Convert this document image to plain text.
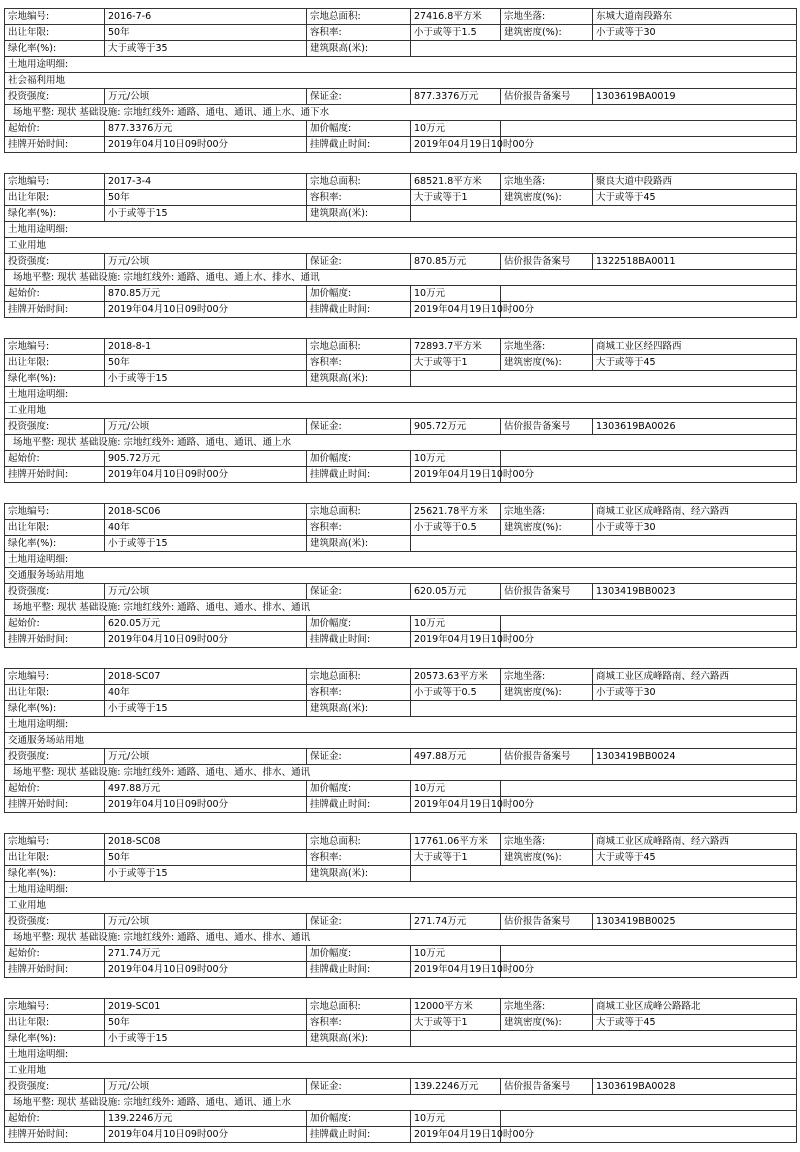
宗地编号:	2016-7-6	宗地总面积:	27416.8平方米	宗地坐落:	东城大道南段路东
出让年限:	50年	容积率:	小于或等于1.5	建筑密度(%):	小于或等于30
绿化率(%):	大于或等于35	建筑限高(米):			
土地用途明细:					
社会福利用地					
投资强度:	万元/公顷	保证金:	877.3376万元	估价报告备案号	1303619BA0019
场地平整: 现状 基础设施: 宗地红线外: 通路、通电、通讯、通上水、通下水					
起始价:	877.3376万元	加价幅度:	10万元		
挂牌开始时间:	2019年04月10日09时00分	挂牌截止时间:	2019年04月19日10时00分		
宗地编号:	2017-3-4	宗地总面积:	68521.8平方米	宗地坐落:	聚良大道中段路西
出让年限:	50年	容积率:	大于或等于1	建筑密度(%):	大于或等于45
绿化率(%):	小于或等于15	建筑限高(米):			
土地用途明细:					
工业用地					
投资强度:	万元/公顷	保证金:	870.85万元	估价报告备案号	1322518BA0011
场地平整: 现状 基础设施: 宗地红线外: 通路、通电、通上水、排水、通讯					
起始价:	870.85万元	加价幅度:	10万元		
挂牌开始时间:	2019年04月10日09时00分	挂牌截止时间:	2019年04月19日10时00分		
宗地编号:	2018-8-1	宗地总面积:	72893.7平方米	宗地坐落:	商城工业区经四路西
出让年限:	50年	容积率:	大于或等于1	建筑密度(%):	大于或等于45
绿化率(%):	小于或等于15	建筑限高(米):			
土地用途明细:					
工业用地					
投资强度:	万元/公顷	保证金:	905.72万元	估价报告备案号	1303619BA0026
场地平整: 现状 基础设施: 宗地红线外: 通路、通电、通讯、通上水					
起始价:	905.72万元	加价幅度:	10万元		
挂牌开始时间:	2019年04月10日09时00分	挂牌截止时间:	2019年04月19日10时00分		
宗地编号:	2018-SC06	宗地总面积:	25621.78平方米	宗地坐落:	商城工业区成峰路南、经六路西
出让年限:	40年	容积率:	小于或等于0.5	建筑密度(%):	小于或等于30
绿化率(%):	小于或等于15	建筑限高(米):			
土地用途明细:					
交通服务场站用地					
投资强度:	万元/公顷	保证金:	620.05万元	估价报告备案号	1303419BB0023
场地平整: 现状 基础设施: 宗地红线外: 通路、通电、通水、排水、通讯					
起始价:	620.05万元	加价幅度:	10万元		
挂牌开始时间:	2019年04月10日09时00分	挂牌截止时间:	2019年04月19日10时00分		
宗地编号:	2018-SC07	宗地总面积:	20573.63平方米	宗地坐落:	商城工业区成峰路南、经六路西
出让年限:	40年	容积率:	小于或等于0.5	建筑密度(%):	小于或等于30
绿化率(%):	小于或等于15	建筑限高(米):			
土地用途明细:					
交通服务场站用地					
投资强度:	万元/公顷	保证金:	497.88万元	估价报告备案号	1303419BB0024
场地平整: 现状 基础设施: 宗地红线外: 通路、通电、通水、排水、通讯					
起始价:	497.88万元	加价幅度:	10万元		
挂牌开始时间:	2019年04月10日09时00分	挂牌截止时间:	2019年04月19日10时00分		
宗地编号:	2018-SC08	宗地总面积:	17761.06平方米	宗地坐落:	商城工业区成峰路南、经六路西
出让年限:	50年	容积率:	大于或等于1	建筑密度(%):	大于或等于45
绿化率(%):	小于或等于15	建筑限高(米):			
土地用途明细:					
工业用地					
投资强度:	万元/公顷	保证金:	271.74万元	估价报告备案号	1303419BB0025
场地平整: 现状 基础设施: 宗地红线外: 通路、通电、通水、排水、通讯					
起始价:	271.74万元	加价幅度:	10万元		
挂牌开始时间:	2019年04月10日09时00分	挂牌截止时间:	2019年04月19日10时00分		
宗地编号:	2019-SC01	宗地总面积:	12000平方米	宗地坐落:	商城工业区成峰公路路北
出让年限:	50年	容积率:	大于或等于1	建筑密度(%):	大于或等于45
绿化率(%):	小于或等于15	建筑限高(米):			
土地用途明细:					
工业用地					
投资强度:	万元/公顷	保证金:	139.2246万元	估价报告备案号	1303619BA0028
场地平整: 现状 基础设施: 宗地红线外: 通路、通电、通讯、通上水					
起始价:	139.2246万元	加价幅度:	10万元		
挂牌开始时间:	2019年04月10日09时00分	挂牌截止时间:	2019年04月19日10时00分		
